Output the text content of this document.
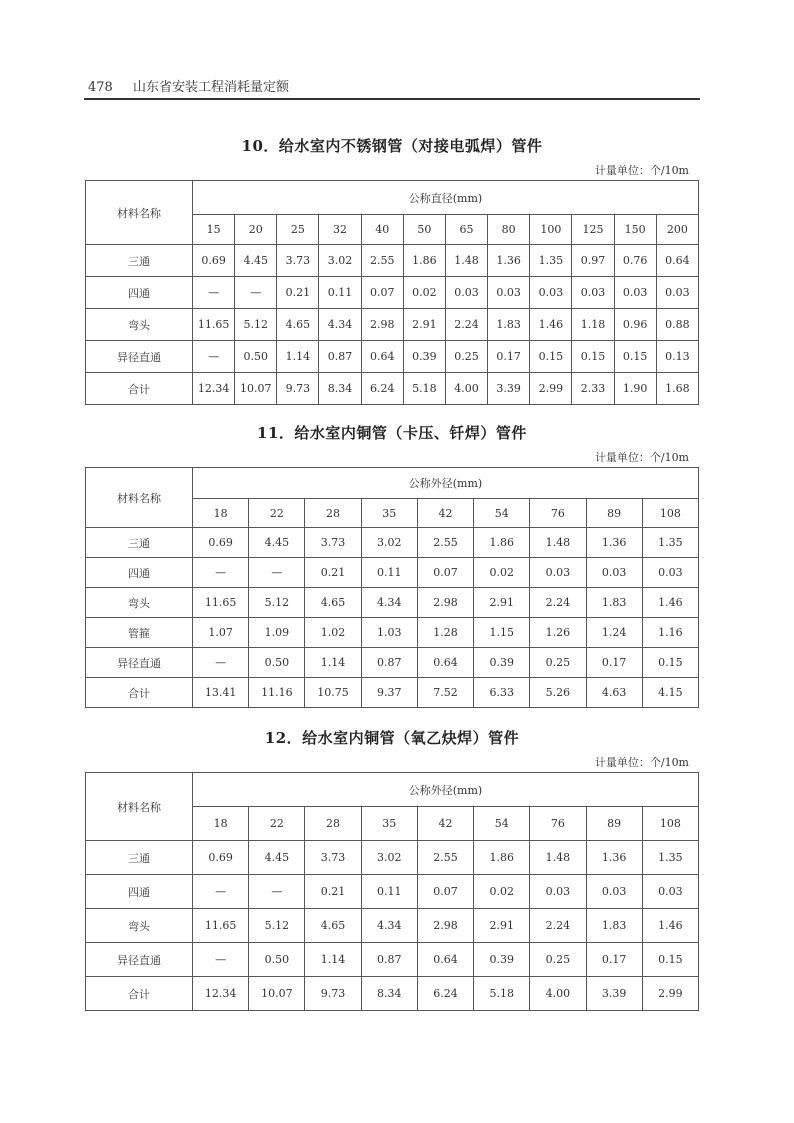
478 山东省安装工程消耗量定额
10．给水室内不锈钢管（对接电弧焊）管件
计量单位：个/10m
材料名称	公称直径(mm)											
	15	20	25	32	40	50	65	80	100	125	150	200
三通	0.69	4.45	3.73	3.02	2.55	1.86	1.48	1.36	1.35	0.97	0.76	0.64
四通	—	—	0.21	0.11	0.07	0.02	0.03	0.03	0.03	0.03	0.03	0.03
弯头	11.65	5.12	4.65	4.34	2.98	2.91	2.24	1.83	1.46	1.18	0.96	0.88
异径直通	—	0.50	1.14	0.87	0.64	0.39	0.25	0.17	0.15	0.15	0.15	0.13
合计	12.34	10.07	9.73	8.34	6.24	5.18	4.00	3.39	2.99	2.33	1.90	1.68
11．给水室内铜管（卡压、钎焊）管件
计量单位：个/10m
材料名称	公称外径(mm)								
	18	22	28	35	42	54	76	89	108
三通	0.69	4.45	3.73	3.02	2.55	1.86	1.48	1.36	1.35
四通	—	—	0.21	0.11	0.07	0.02	0.03	0.03	0.03
弯头	11.65	5.12	4.65	4.34	2.98	2.91	2.24	1.83	1.46
管箍	1.07	1.09	1.02	1.03	1.28	1.15	1.26	1.24	1.16
异径直通	—	0.50	1.14	0.87	0.64	0.39	0.25	0.17	0.15
合计	13.41	11.16	10.75	9.37	7.52	6.33	5.26	4.63	4.15
12．给水室内铜管（氧乙炔焊）管件
计量单位：个/10m
材料名称	公称外径(mm)								
	18	22	28	35	42	54	76	89	108
三通	0.69	4.45	3.73	3.02	2.55	1.86	1.48	1.36	1.35
四通	—	—	0.21	0.11	0.07	0.02	0.03	0.03	0.03
弯头	11.65	5.12	4.65	4.34	2.98	2.91	2.24	1.83	1.46
异径直通	—	0.50	1.14	0.87	0.64	0.39	0.25	0.17	0.15
合计	12.34	10.07	9.73	8.34	6.24	5.18	4.00	3.39	2.99
